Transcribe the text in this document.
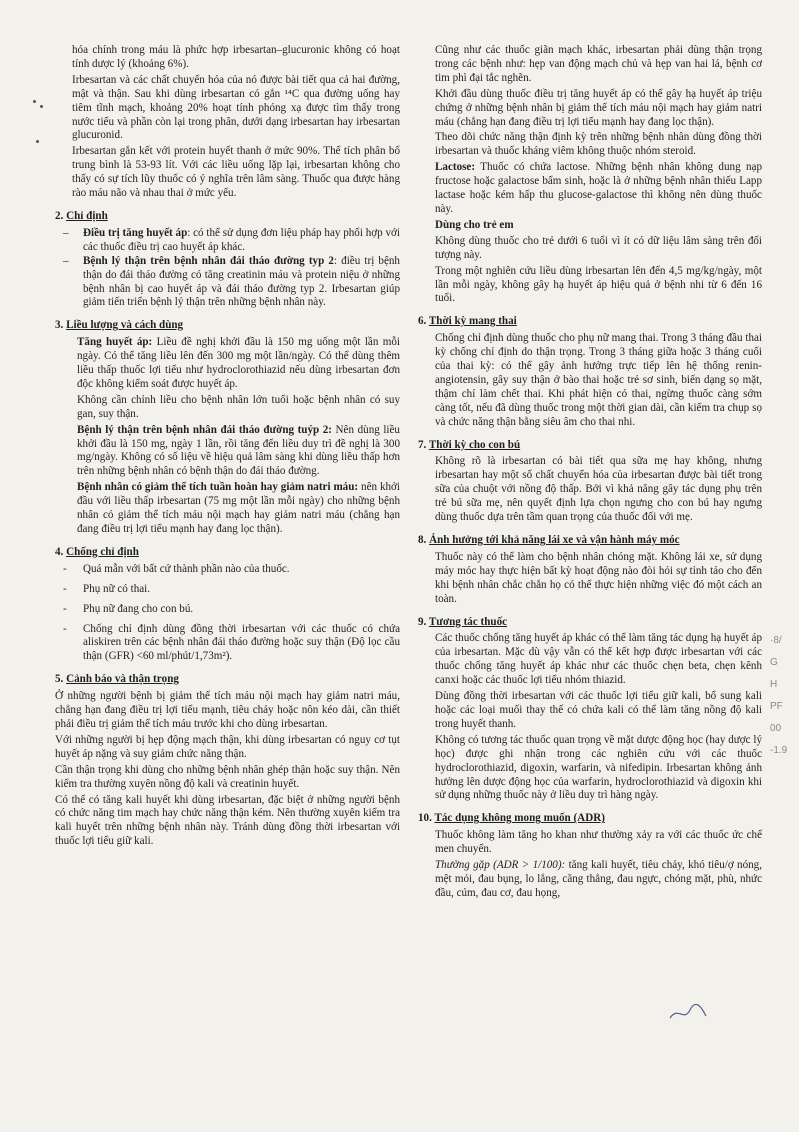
hóa chính trong máu là phức hợp irbesartan–glucuronic không có hoạt tính dược lý (khoảng 6%).

Irbesartan và các chất chuyển hóa của nó được bài tiết qua cả hai đường, mật và thận. Sau khi dùng irbesartan có gắn ¹⁴C qua đường uống hay tiêm tĩnh mạch, khoảng 20% hoạt tính phóng xạ được tìm thấy trong nước tiểu và phần còn lại trong phân, dưới dạng irbesartan hay irbesartan glucuronid.

Irbesartan gắn kết với protein huyết thanh ở mức 90%. Thể tích phân bố trung bình là 53-93 lít. Với các liều uống lặp lại, irbesartan không cho thấy có sự tích lũy thuốc có ý nghĩa trên lâm sàng. Thuốc qua được hàng rào máu não và nhau thai ở mức yếu.

2. Chỉ định
–	Điều trị tăng huyết áp: có thể sử dụng đơn liệu pháp hay phối hợp với các thuốc điều trị cao huyết áp khác.
–	Bệnh lý thận trên bệnh nhân đái tháo đường typ 2: điều trị bệnh thận do đái tháo đường có tăng creatinin máu và protein niệu ở những bệnh nhân bị cao huyết áp và đái tháo đường typ 2. Irbesartan giúp giảm tiến triển bệnh lý thận trên những bệnh nhân này.
3. Liều lượng và cách dùng

Tăng huyết áp: Liều đề nghị khởi đầu là 150 mg uống một lần mỗi ngày. Có thể tăng liều lên đến 300 mg một lần/ngày. Có thể dùng thêm liều thấp thuốc lợi tiểu như hydroclorothiazid nếu dùng irbesartan đơn độc không kiểm soát được huyết áp.

Không cần chỉnh liều cho bệnh nhân lớn tuổi hoặc bệnh nhân có suy gan, suy thận.

Bệnh lý thận trên bệnh nhân đái tháo đường tuýp 2: Nên dùng liều khởi đầu là 150 mg, ngày 1 lần, rồi tăng đến liều duy trì đề nghị là 300 mg/ngày. Không có số liệu về hiệu quả lâm sàng khi dùng liều thấp hơn trên những bệnh nhân có bệnh thận do đái tháo đường.

Bệnh nhân có giảm thể tích tuần hoàn hay giảm natri máu: nên khởi đầu với liều thấp irbesartan (75 mg một lần mỗi ngày) cho những bệnh nhân có giảm thể tích máu nội mạch hay giảm natri máu (chẳng hạn đang điều trị lợi tiểu mạnh hay đang lọc thận).

4. Chống chỉ định
-	Quá mẫn với bất cứ thành phần nào của thuốc.
-	Phụ nữ có thai.
-	Phụ nữ đang cho con bú.
-	Chống chỉ định dùng đồng thời irbesartan với các thuốc có chứa aliskiren trên các bệnh nhân đái tháo đường hoặc suy thận (Độ lọc cầu thận (GFR) <60 ml/phút/1,73m²).
5. Cảnh báo và thận trọng

Ở những người bệnh bị giảm thể tích máu nội mạch hay giảm natri máu, chẳng hạn đang điều trị lợi tiểu mạnh, tiêu chảy hoặc nôn kéo dài, cần thiết phải điều trị giảm thể tích máu trước khi cho dùng irbesartan.

Với những người bị hẹp động mạch thận, khi dùng irbesartan có nguy cơ tụt huyết áp nặng và suy giảm chức năng thận.

Cần thận trọng khi dùng cho những bệnh nhân ghép thận hoặc suy thận. Nên kiểm tra thường xuyên nồng độ kali và creatinin huyết.

Có thể có tăng kali huyết khi dùng irbesartan, đặc biệt ở những người bệnh có chức năng tim mạch hay chức năng thận kém. Nên thường xuyên kiểm tra kali huyết trên những bệnh nhân này. Tránh dùng đồng thời irbesartan với thuốc lợi tiểu giữ kali.

Cũng như các thuốc giãn mạch khác, irbesartan phải dùng thận trọng trong các bệnh như: hẹp van động mạch chủ và hẹp van hai lá, bệnh cơ tim phì đại tắc nghẽn.

Khởi đầu dùng thuốc điều trị tăng huyết áp có thể gây hạ huyết áp triệu chứng ở những bệnh nhân bị giảm thể tích máu nội mạch hay giảm natri máu (chẳng hạn đang điều trị lợi tiểu mạnh hay đang lọc thận).

Theo dõi chức năng thận định kỳ trên những bệnh nhân dùng đồng thời irbesartan và thuốc kháng viêm không thuộc nhóm steroid.

Lactose: Thuốc có chứa lactose. Những bệnh nhân không dung nạp fructose hoặc galactose bẩm sinh, hoặc là ở những bệnh nhân thiếu Lapp lactase hoặc kém hấp thu glucose-galactose thì không nên dùng thuốc này.

Dùng cho trẻ em

Không dùng thuốc cho trẻ dưới 6 tuổi vì ít có dữ liệu lâm sàng trên đối tượng này.

Trong một nghiên cứu liều dùng irbesartan lên đến 4,5 mg/kg/ngày, một lần mỗi ngày, không gây hạ huyết áp hiệu quả ở bệnh nhi từ 6 đến 16 tuổi.

6. Thời kỳ mang thai

Chống chỉ định dùng thuốc cho phụ nữ mang thai. Trong 3 tháng đầu thai kỳ chống chỉ định do thận trọng. Trong 3 tháng giữa hoặc 3 tháng cuối của thai kỳ: có thể gây ảnh hưởng trực tiếp lên hệ thống renin-angiotensin, gây suy thận ở bào thai hoặc trẻ sơ sinh, biến dạng sọ mặt, thậm chí làm chết thai. Khi phát hiện có thai, ngừng thuốc càng sớm càng tốt, nếu đã dùng thuốc trong một thời gian dài, cần kiểm tra chụp sọ và chức năng thận bằng siêu âm cho thai nhi.

7. Thời kỳ cho con bú

Không rõ là irbesartan có bài tiết qua sữa mẹ hay không, nhưng irbesartan hay một số chất chuyển hóa của irbesartan được bài tiết trong sữa của chuột với nồng độ thấp. Bởi vì khả năng gây tác dụng phụ trên trẻ bú sữa mẹ, nên quyết định lựa chọn ngưng cho con bú hay ngưng dùng thuốc dựa trên tầm quan trọng của thuốc đối với mẹ.

8. Ảnh hưởng tới khả năng lái xe và vận hành máy móc

Thuốc này có thể làm cho bệnh nhân chóng mặt. Không lái xe, sử dụng máy móc hay thực hiện bất kỳ hoạt động nào đòi hỏi sự tỉnh táo cho đến khi bệnh nhân chắc chắn họ có thể thực hiện những việc đó một cách an toàn.

9. Tương tác thuốc

Các thuốc chống tăng huyết áp khác có thể làm tăng tác dụng hạ huyết áp của irbesartan. Mặc dù vậy vẫn có thể kết hợp được irbesartan với các thuốc chống tăng huyết áp khác như các thuốc chẹn beta, chẹn kênh canxi hoặc các thuốc lợi tiểu nhóm thiazid.

Dùng đồng thời irbesartan với các thuốc lợi tiểu giữ kali, bổ sung kali hoặc các loại muối thay thế có chứa kali có thể làm tăng nồng độ kali trong huyết thanh.

Không có tương tác thuốc quan trọng về mặt dược động học (hay dược lý học) được ghi nhận trong các nghiên cứu với các thuốc hydroclorothiazid, digoxin, warfarin, và nifedipin. Irbesartan không ảnh hưởng lên dược động học của warfarin, hydroclorothiazid và digoxin khi sử dụng những thuốc này ở liều duy trì hàng ngày.

10. Tác dụng không mong muốn (ADR)

Thuốc không làm tăng ho khan như thường xảy ra với các thuốc ức chế men chuyển.

Thường gặp (ADR > 1/100): tăng kali huyết, tiêu chảy, khó tiêu/ợ nóng, mệt mỏi, đau bụng, lo lắng, căng thẳng, đau ngực, chóng mặt, phù, nhức đầu, cúm, đau cơ, đau họng,

·8/
G
H
PF
00
-1.9
